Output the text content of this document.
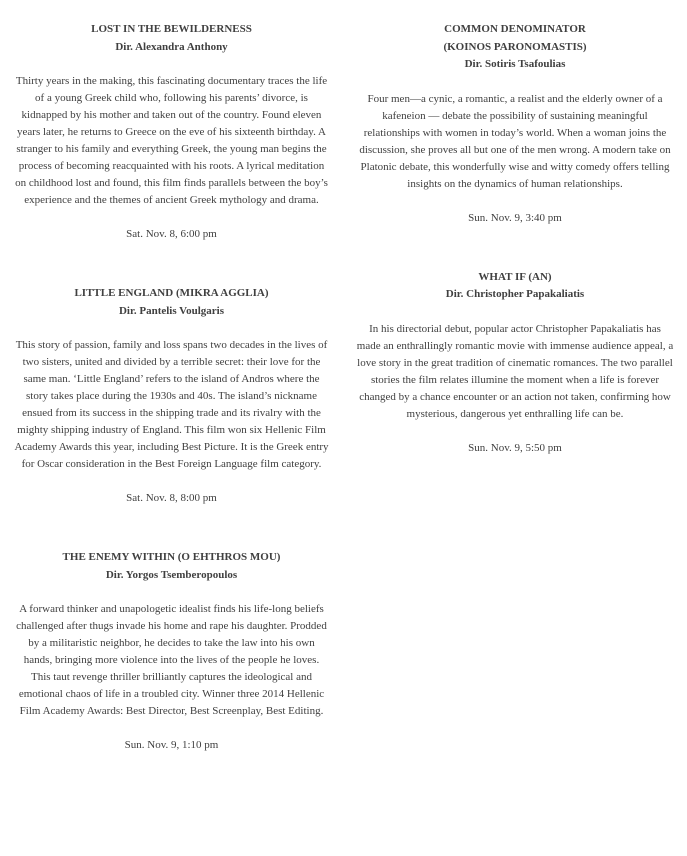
LOST IN THE BEWILDERNESS
Dir. Alexandra Anthony

Thirty years in the making, this fascinating documentary traces the life of a young Greek child who, following his parents’ divorce, is kidnapped by his mother and taken out of the country. Found eleven years later, he returns to Greece on the eve of his sixteenth birthday. A stranger to his family and everything Greek, the young man begins the process of becoming reacquainted with his roots. A lyrical meditation on childhood lost and found, this film finds parallels between the boy’s experience and the themes of ancient Greek mythology and drama.

Sat. Nov. 8, 6:00 pm

LITTLE ENGLAND (MIKRA AGGLIA)
Dir. Pantelis Voulgaris

This story of passion, family and loss spans two decades in the lives of two sisters, united and divided by a terrible secret: their love for the same man. ‘Little England’ refers to the island of Andros where the story takes place during the 1930s and 40s. The island’s nickname ensued from its success in the shipping trade and its rivalry with the mighty shipping industry of England. This film won six Hellenic Film Academy Awards this year, including Best Picture. It is the Greek entry for Oscar consideration in the Best Foreign Language film category.

Sat. Nov. 8, 8:00 pm

THE ENEMY WITHIN (O EHTHROS MOU)
Dir. Yorgos Tsemberopoulos

A forward thinker and unapologetic idealist finds his life-long beliefs challenged after thugs invade his home and rape his daughter. Prodded by a militaristic neighbor, he decides to take the law into his own hands, bringing more violence into the lives of the people he loves. This taut revenge thriller brilliantly captures the ideological and emotional chaos of life in a troubled city. Winner three 2014 Hellenic Film Academy Awards: Best Director, Best Screenplay, Best Editing.

Sun. Nov. 9, 1:10 pm

COMMON DENOMINATOR
(KOINOS PARONOMASTIS)
Dir. Sotiris Tsafoulias

Four men—a cynic, a romantic, a realist and the elderly owner of a kafeneion — debate the possibility of sustaining meaningful relationships with women in today’s world. When a woman joins the discussion, she proves all but one of the men wrong. A modern take on Platonic debate, this wonderfully wise and witty comedy offers telling insights on the dynamics of human relationships.

Sun. Nov. 9, 3:40 pm

WHAT IF (AN)
Dir. Christopher Papakaliatis

In his directorial debut, popular actor Christopher Papakaliatis has made an enthrallingly romantic movie with immense audience appeal, a love story in the great tradition of cinematic romances. The two parallel stories the film relates illumine the moment when a life is forever changed by a chance encounter or an action not taken, confirming how mysterious, dangerous yet enthralling life can be.

Sun. Nov. 9, 5:50 pm
